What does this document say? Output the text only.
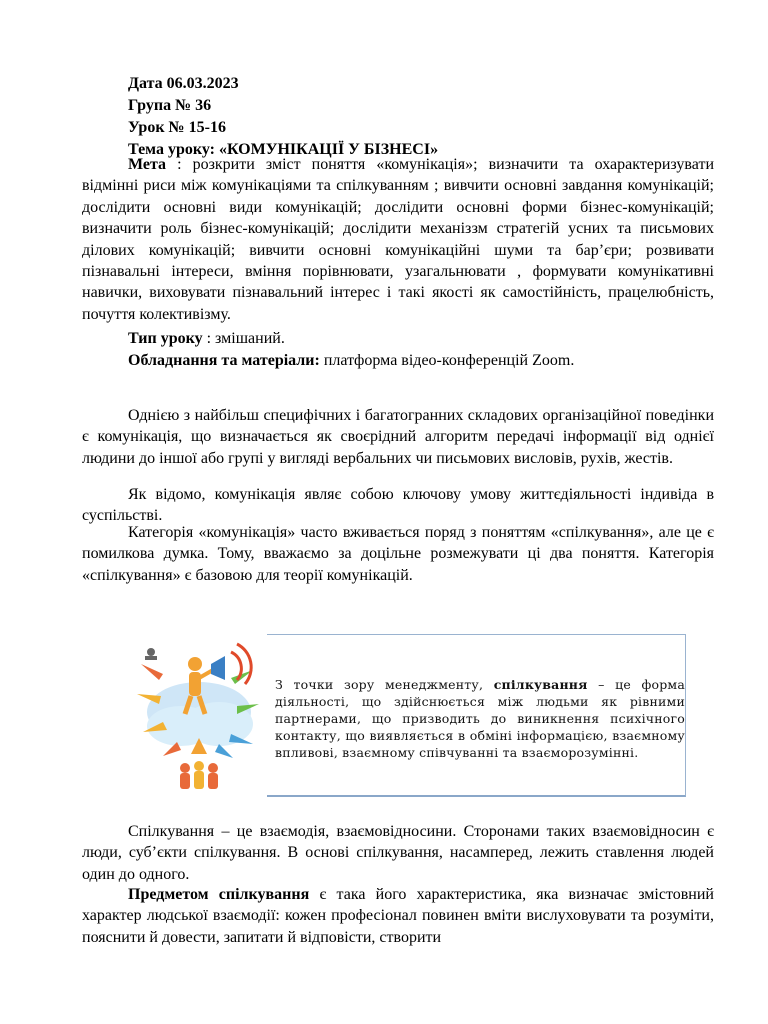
Дата 06.03.2023
Група № 36
Урок № 15-16
Тема уроку: «КОМУНІКАЦІЇ У БІЗНЕСІ»

Мета : розкрити зміст поняття «комунікація»; визначити та охарактеризувати відмінні риси між комунікаціями та спілкуванням ; вивчити основні завдання комунікацій; дослідити основні види комунікацій; дослідити основні форми бізнес-комунікацій; визначити роль бізнес-комунікацій; дослідити механіззм стратегій усних та письмових ділових комунікацій; вивчити основні комунікаційні шуми та бар’єри; розвивати пізнавальні інтереси, вміння порівнювати, узагальнювати , формувати комунікативні навички, виховувати пізнавальний інтерес і такі якості як самостійність, працелюбність, почуття колективізму.

Тип уроку : змішаний.
Обладнання та матеріали: платформа відео-конференцій Zoom.

Однією з найбільш специфічних і багатогранних складових організаційної поведінки є комунікація, що визначається як своєрідний алгоритм передачі інформації від однієї людини до іншої або групі у вигляді вербальних чи письмових висловів, рухів, жестів.

Як відомо, комунікація являє собою ключову умову життєдіяльності індивіда в суспільстві.

Категорія «комунікація» часто вживається поряд з поняттям «спілкування», але це є помилкова думка. Тому, вважаємо за доцільне розмежувати ці два поняття. Категорія «спілкування» є базовою для теорії комунікацій.

З точки зору менеджменту, спілкування – це форма діяльності, що здійснюється між людьми як рівними партнерами, що призводить до виникнення психічного контакту, що виявляється в обміні інформацією, взаємному впливові, взаємному співчуванні та взаєморозумінні.

Спілкування – це взаємодія, взаємовідносини. Сторонами таких взаємовідносин є люди, суб’єкти спілкування. В основі спілкування, насамперед, лежить ставлення людей один до одного.

Предметом спілкування є така його характеристика, яка визначає змістовний характер людської взаємодії: кожен професіонал повинен вміти вислуховувати та розуміти, пояснити й довести, запитати й відповісти, створити
